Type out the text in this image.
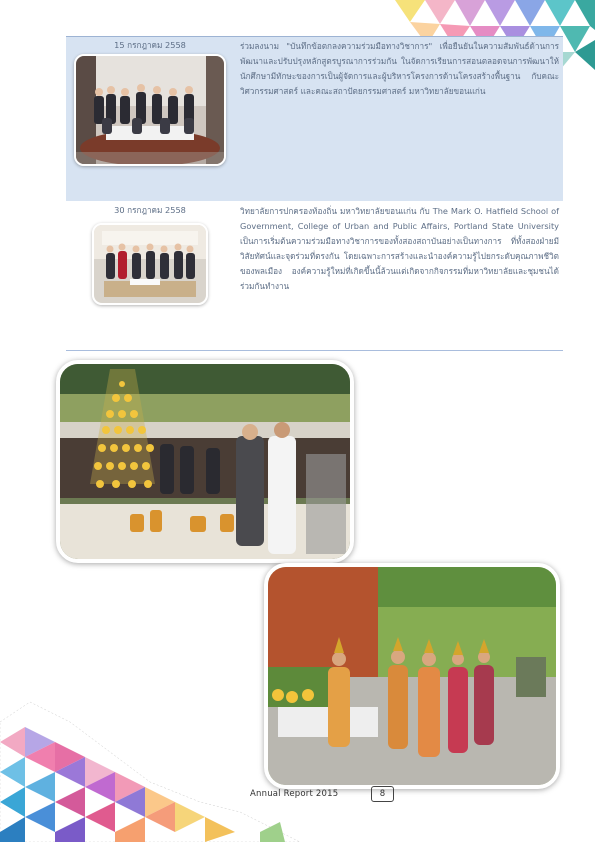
15 กรกฎาคม 2558	ร่วมลงนาม "บันทึกข้อตกลงความร่วมมือทางวิชาการ" เพื่อยืนยันในความสัมพันธ์ด้านการพัฒนาและปรับปรุงหลักสูตรบูรณาการร่วมกัน ในจัดการเรียนการสอนตลอดจนการพัฒนาให้นักศึกษามีทักษะของการเป็นผู้จัดการและผู้บริหารโครงการด้านโครงสร้างพื้นฐาน กับคณะวิศวกรรมศาสตร์ และคณะสถาปัตยกรรมศาสตร์ มหาวิทยาลัยขอนแก่น
30 กรกฎาคม 2558	วิทยาลัยการปกครองท้องถิ่น มหาวิทยาลัยขอนแก่น กับ The Mark O. Hatfield School of Government, College of Urban and Public Affairs, Portland State University เป็นการเริ่มต้นความร่วมมือทางวิชาการของทั้งสองสถาบันอย่างเป็นทางการ ที่ทั้งสองฝ่ายมีวิสัยทัศน์และจุดร่วมที่ตรงกัน โดยเฉพาะการสร้างและนำองค์ความรู้ไปยกระดับคุณภาพชีวิตของพลเมือง องค์ความรู้ใหม่ที่เกิดขึ้นนี้ล้วนแต่เกิดจากกิจกรรมที่มหาวิทยาลัยและชุมชนได้ร่วมกันทำงาน
Annual Report 2015	8
